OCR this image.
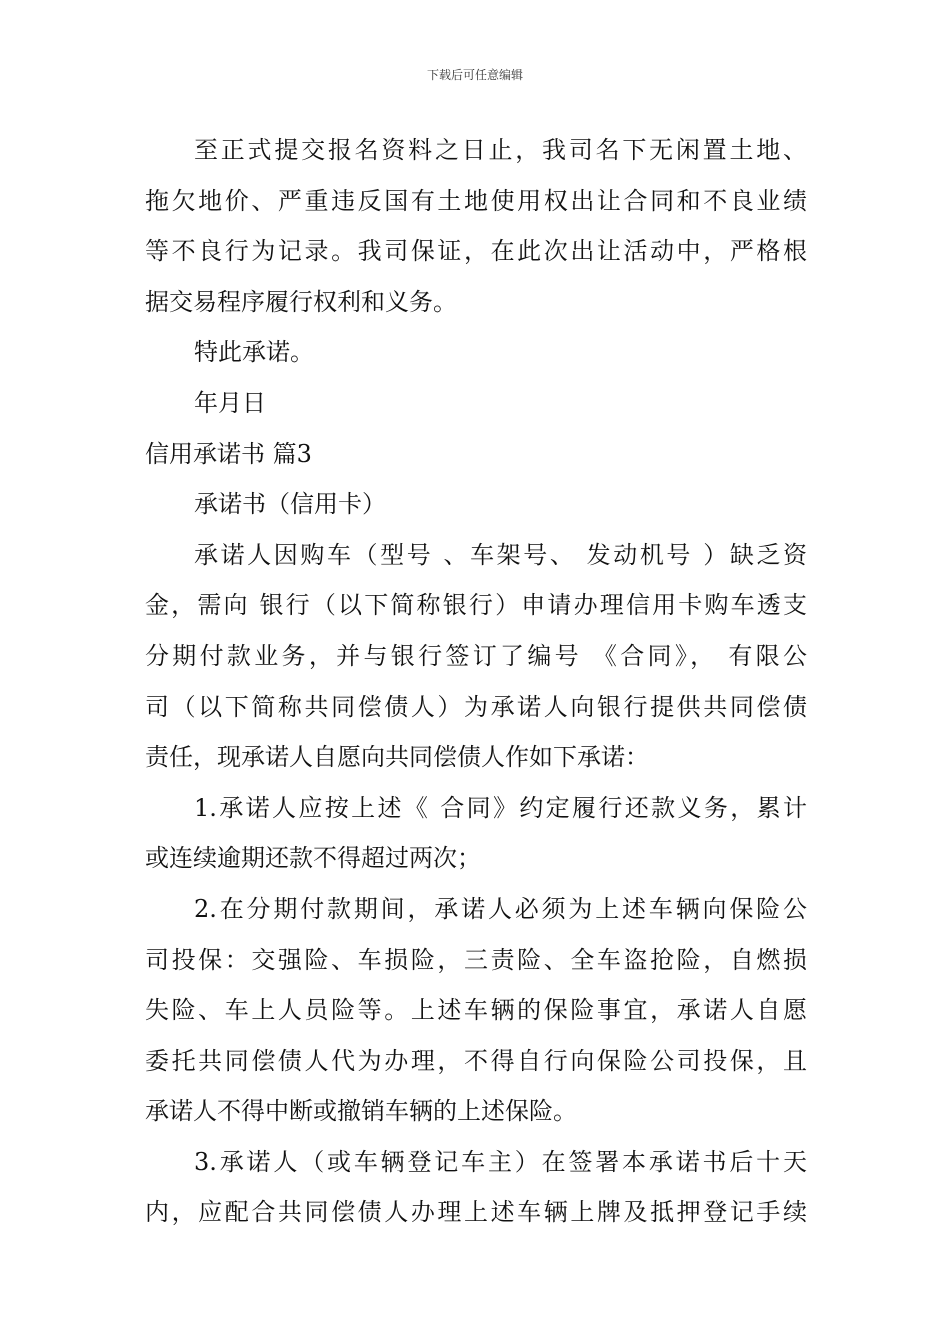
下载后可任意编辑
至正式提交报名资料之日止，我司名下无闲置土地、
拖欠地价、严重违反国有土地使用权出让合同和不良业绩
等不良行为记录。我司保证，在此次出让活动中，严格根
据交易程序履行权利和义务。
特此承诺。
年月日
信用承诺书 篇3
承诺书（信用卡）
承诺人因购车（型号 、车架号、 发动机号 ）缺乏资
金，需向 银行（以下简称银行）申请办理信用卡购车透支
分期付款业务，并与银行签订了编号 《合同》， 有限公
司（以下简称共同偿债人）为承诺人向银行提供共同偿债
责任，现承诺人自愿向共同偿债人作如下承诺：
1.承诺人应按上述《 合同》约定履行还款义务，累计
或连续逾期还款不得超过两次；
2.在分期付款期间，承诺人必须为上述车辆向保险公
司投保：交强险、车损险，三责险、全车盗抢险，自燃损
失险、车上人员险等。上述车辆的保险事宜，承诺人自愿
委托共同偿债人代为办理，不得自行向保险公司投保，且
承诺人不得中断或撤销车辆的上述保险。
3.承诺人（或车辆登记车主）在签署本承诺书后十天
内，应配合共同偿债人办理上述车辆上牌及抵押登记手续
